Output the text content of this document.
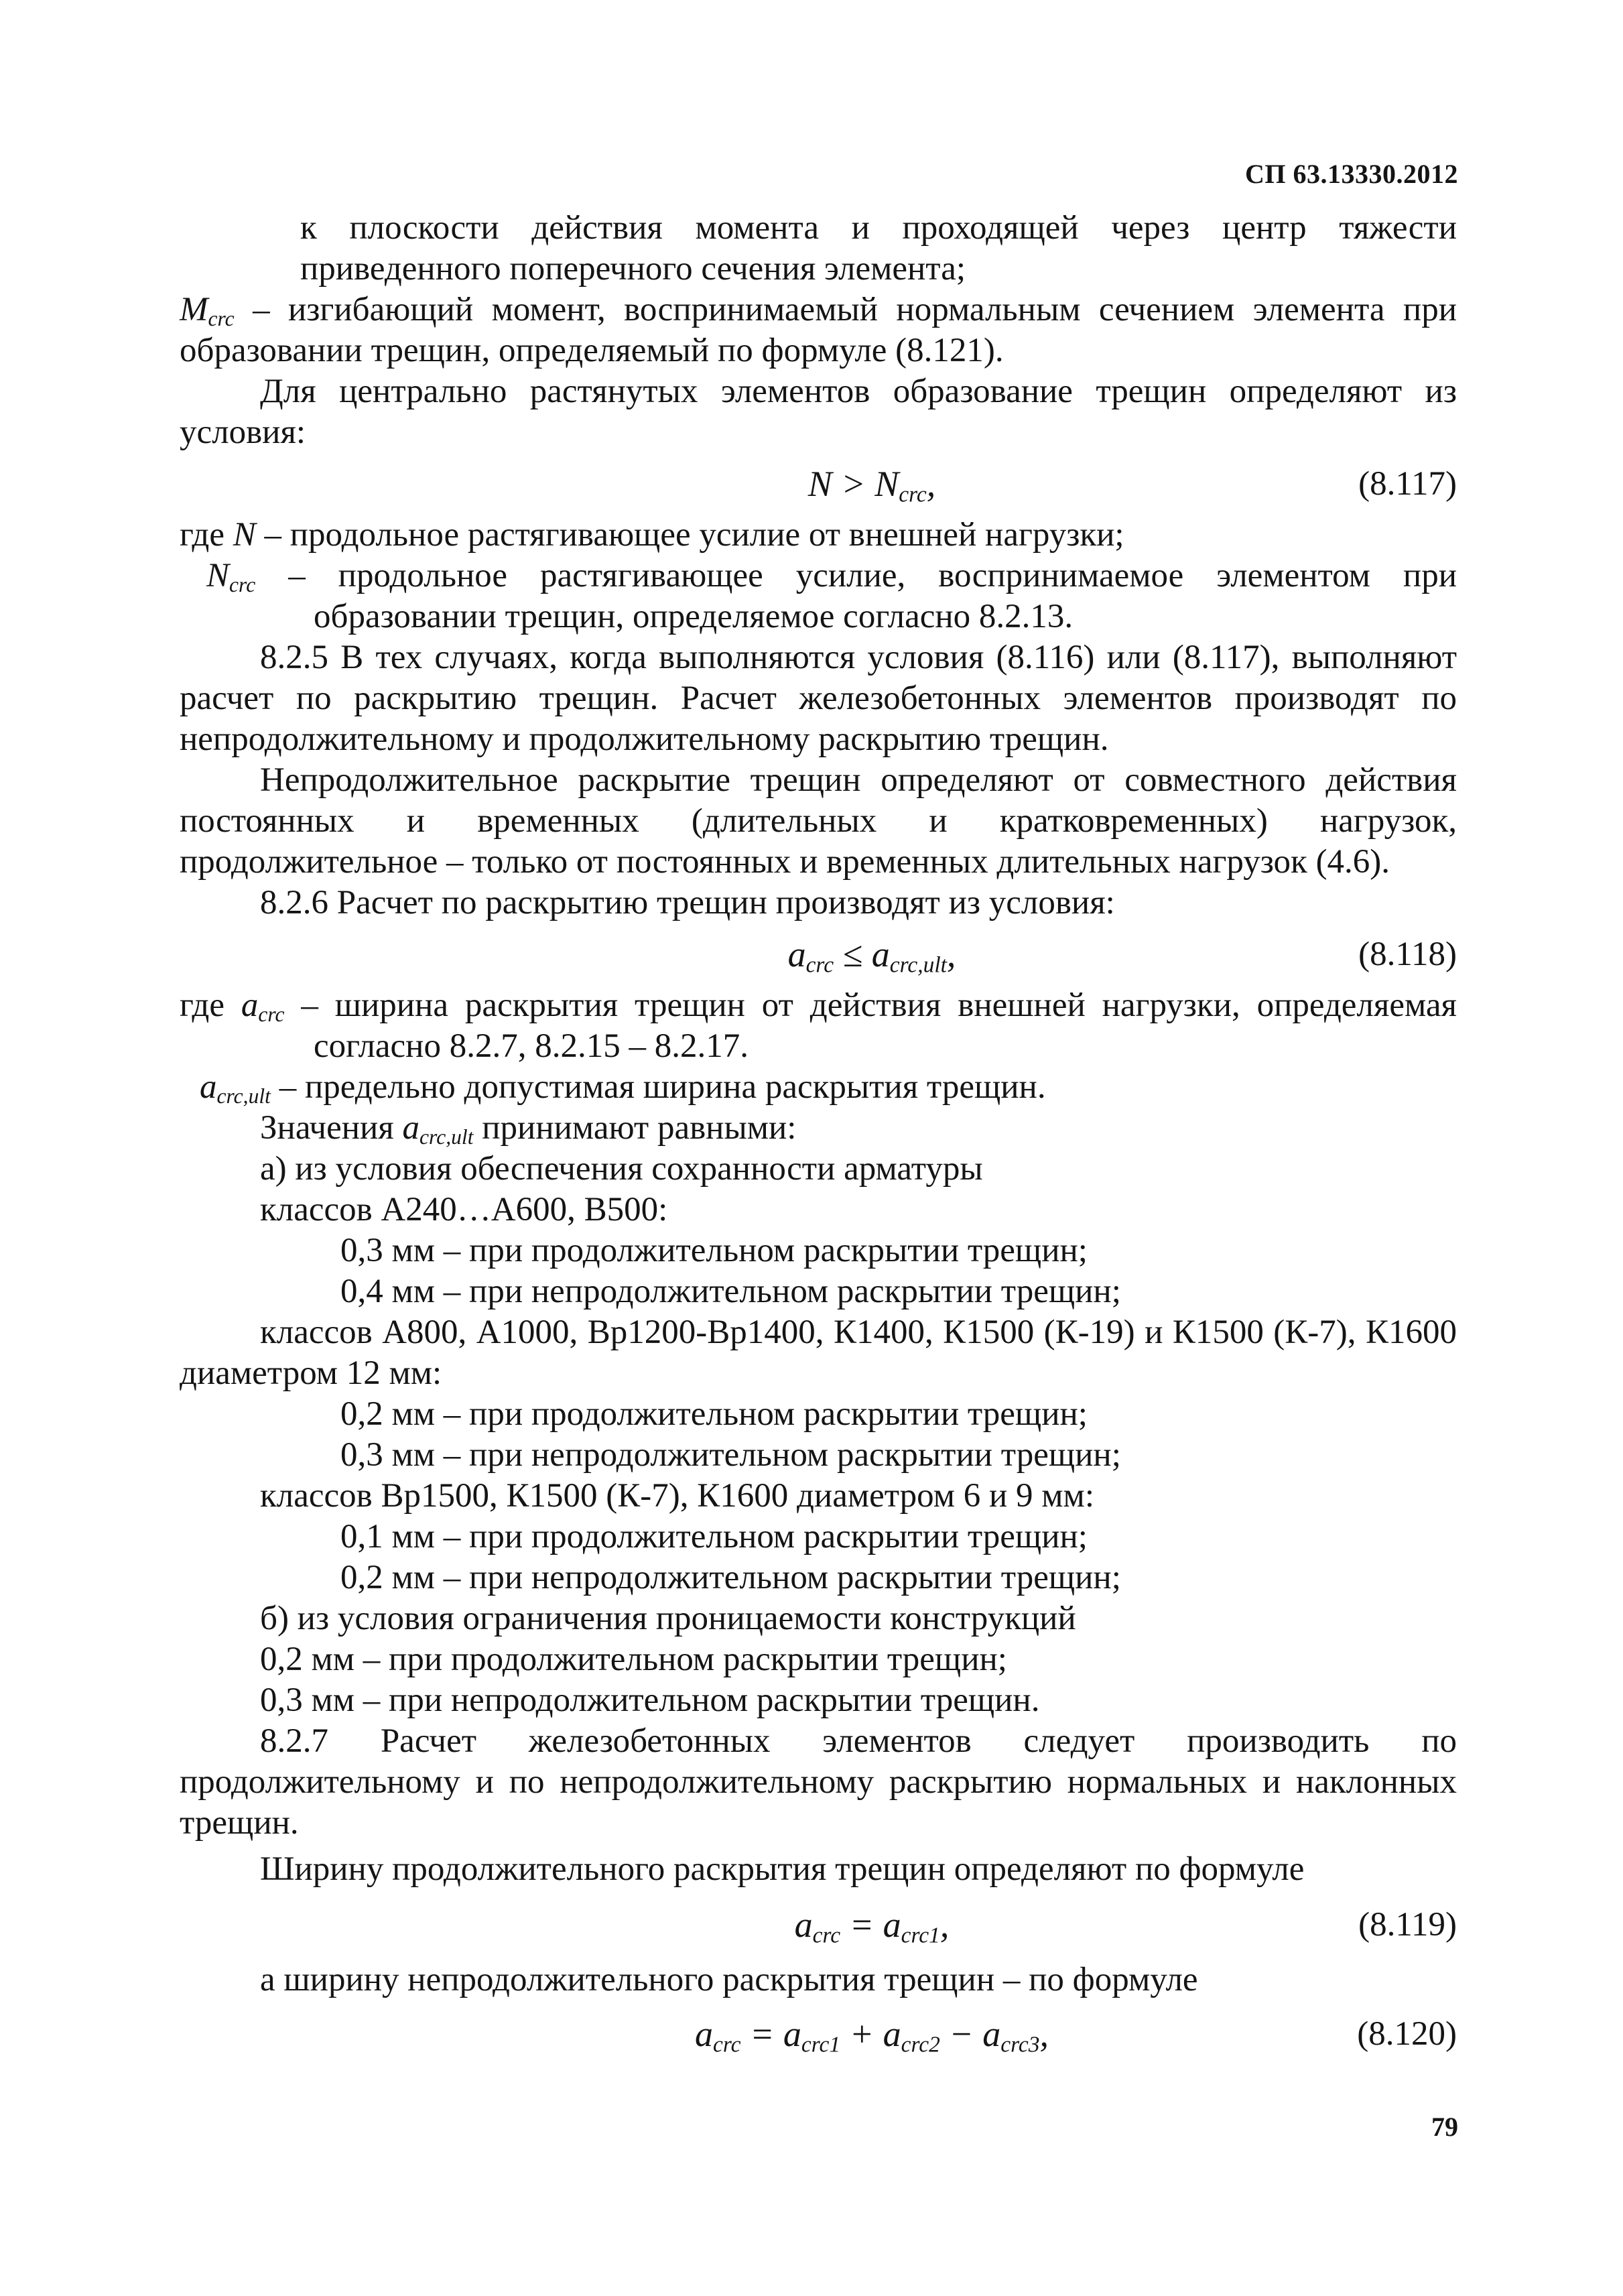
СП 63.13330.2012

к плоскости действия момента и проходящей через центр тяжести приведенного поперечного сечения элемента;

$M_{crc}$ – изгибающий момент, воспринимаемый нормальным сечением элемента при образовании трещин, определяемый по формуле (8.121).

Для центрально растянутых элементов образование трещин определяют из условия:

$N > N_{crc}$,	(8.117)

где N – продольное растягивающее усилие от внешней нагрузки;

$N_{crc}$ – продольное растягивающее усилие, воспринимаемое элементом при образовании трещин, определяемое согласно 8.2.13.

8.2.5 В тех случаях, когда выполняются условия (8.116) или (8.117), выполняют расчет по раскрытию трещин. Расчет железобетонных элементов производят по непродолжительному и продолжительному раскрытию трещин.

Непродолжительное раскрытие трещин определяют от совместного действия постоянных и временных (длительных и кратковременных) нагрузок, продолжительное – только от постоянных и временных длительных нагрузок (4.6).

8.2.6 Расчет по раскрытию трещин производят из условия:

$a_{crc} \le a_{crc,ult}$,	(8.118)

где $a_{crc}$ – ширина раскрытия трещин от действия внешней нагрузки, определяемая согласно 8.2.7, 8.2.15 – 8.2.17.

$a_{crc,ult}$ – предельно допустимая ширина раскрытия трещин.

Значения $a_{crc,ult}$ принимают равными:

а) из условия обеспечения сохранности арматуры

классов А240…А600, В500:

0,3 мм – при продолжительном раскрытии трещин;

0,4 мм – при непродолжительном раскрытии трещин;

классов А800, А1000, Вр1200-Вр1400, К1400, К1500 (К-19) и К1500 (К-7), К1600 диаметром 12 мм:

0,2 мм – при продолжительном раскрытии трещин;

0,3 мм – при непродолжительном раскрытии трещин;

классов Вр1500, К1500 (К-7), К1600 диаметром 6 и 9 мм:

0,1 мм – при продолжительном раскрытии трещин;

0,2 мм – при непродолжительном раскрытии трещин;

б) из условия ограничения проницаемости конструкций

0,2 мм – при продолжительном раскрытии трещин;

0,3 мм – при непродолжительном раскрытии трещин.

8.2.7 Расчет железобетонных элементов следует производить по продолжительному и по непродолжительному раскрытию нормальных и наклонных трещин.

Ширину продолжительного раскрытия трещин определяют по формуле

$a_{crc} = a_{crc1}$,	(8.119)

а ширину непродолжительного раскрытия трещин – по формуле

$a_{crc} = a_{crc1} + a_{crc2} - a_{crc3}$,	(8.120)
79
